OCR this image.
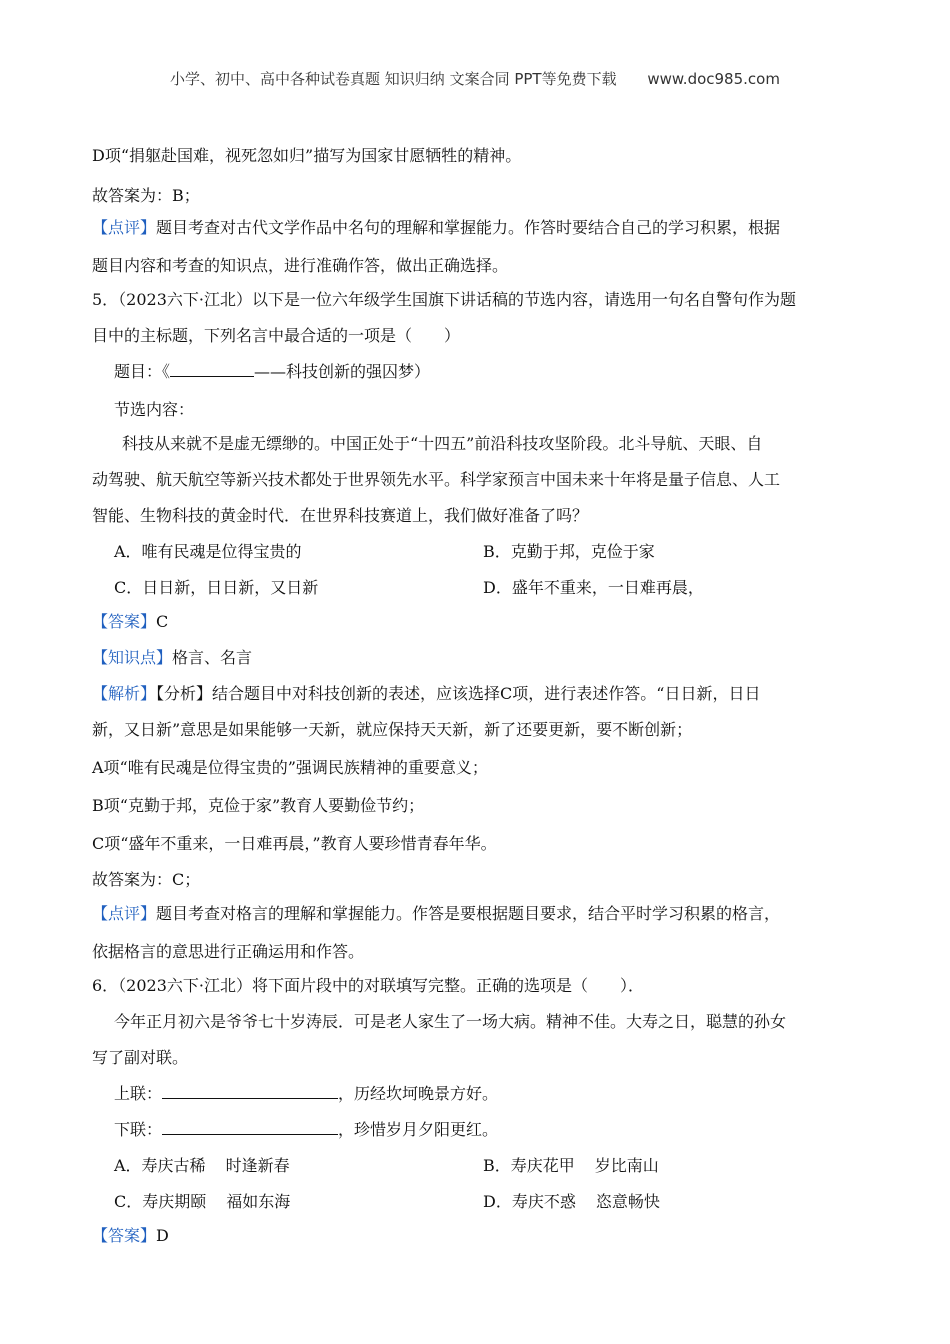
小学、初中、高中各种试卷真题 知识归纳 文案合同 PPT等免费下载 www.doc985.com
D项“捐躯赴国难，视死忽如归”描写为国家甘愿牺牲的精神。
故答案为：B；
【点评】题目考查对古代文学作品中名句的理解和掌握能力。作答时要结合自己的学习积累，根据
题目内容和考查的知识点，进行准确作答，做出正确选择。
5．（2023六下·江北）以下是一位六年级学生国旗下讲话稿的节选内容，请选用一句名自警句作为题
目中的主标题，下列名言中最合适的一项是（　　）
题目：《	——科技创新的强囚梦）
节选内容：
科技从来就不是虚无缥缈的。中国正处于“十四五”前沿科技攻坚阶段。北斗导航、天眼、自
动驾驶、航天航空等新兴技术都处于世界领先水平。科学家预言中国未来十年将是量子信息、人工
智能、生物科技的黄金时代．在世界科技赛道上，我们做好准备了吗？
A．唯有民魂是位得宝贵的	B．克勤于邦，克俭于家
C．日日新，日日新，又日新	D．盛年不重来，一日难再晨，
【答案】C
【知识点】格言、名言
【解析】【分析】结合题目中对科技创新的表述，应该选择C项，进行表述作答。“日日新，日日
新，又日新”意思是如果能够一天新，就应保持天天新，新了还要更新，要不断创新；
A项“唯有民魂是位得宝贵的”强调民族精神的重要意义；
B项“克勤于邦，克俭于家”教育人要勤俭节约；
C项“盛年不重来，一日难再晨，”教育人要珍惜青春年华。
故答案为：C；
【点评】题目考查对格言的理解和掌握能力。作答是要根据题目要求，结合平时学习积累的格言，
依据格言的意思进行正确运用和作答。
6．（2023六下·江北）将下面片段中的对联填写完整。正确的选项是（　　）．
今年正月初六是爷爷七十岁涛辰．可是老人家生了一场大病。精神不佳。大寿之日，聪慧的孙女
写了副对联。
上联：	，历经坎坷晚景方好。
下联：	，珍惜岁月夕阳更红。
A．寿庆古稀 时逢新春	B．寿庆花甲 岁比南山
C．寿庆期颐 福如东海	D．寿庆不惑 恣意畅快
【答案】D
